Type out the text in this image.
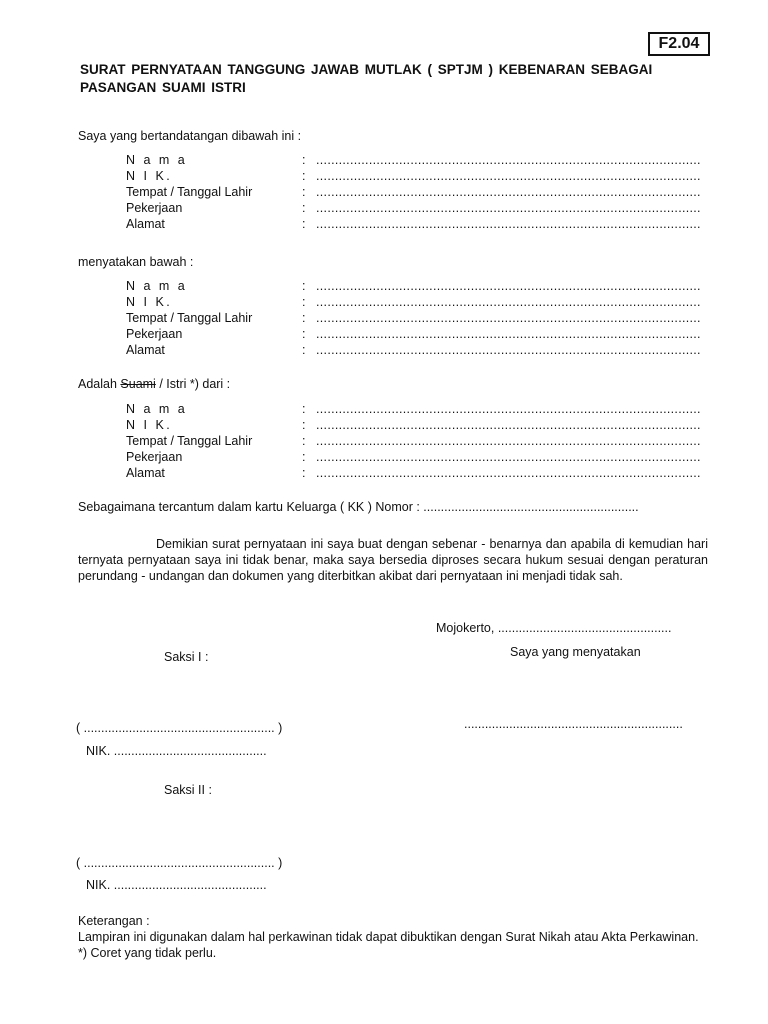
F2.04
SURAT PERNYATAAN TANGGUNG JAWAB MUTLAK ( SPTJM ) KEBENARAN SEBAGAI PASANGAN SUAMI ISTRI
Saya yang bertandatangan dibawah ini :
N a m a
N I K.
Tempat / Tanggal Lahir
Pekerjaan
Alamat
:
:
:
:
:
......................................................................................................
......................................................................................................
......................................................................................................
......................................................................................................
......................................................................................................
menyatakan bawah :
N a m a
N I K.
Tempat / Tanggal Lahir
Pekerjaan
Alamat
:
:
:
:
:
......................................................................................................
......................................................................................................
......................................................................................................
......................................................................................................
......................................................................................................
Adalah Suami / Istri *) dari :
N a m a
N I K.
Tempat / Tanggal Lahir
Pekerjaan
Alamat
:
:
:
:
:
......................................................................................................
......................................................................................................
......................................................................................................
......................................................................................................
......................................................................................................
Sebagaimana tercantum dalam kartu Keluarga ( KK ) Nomor : ..............................................................
Demikian surat pernyataan ini saya buat dengan sebenar - benarnya dan apabila di kemudian hari ternyata pernyataan saya ini tidak benar, maka saya bersedia diproses secara hukum sesuai dengan peraturan perundang - undangan dan dokumen yang diterbitkan akibat dari pernyataan ini menjadi tidak sah.
Mojokerto, ..................................................
Saksi I :	Saya yang menyatakan
( ....................................................... )	...............................................................
NIK. ............................................
Saksi II :
( ....................................................... )
NIK. ............................................
Keterangan :
Lampiran ini digunakan dalam hal perkawinan tidak dapat dibuktikan dengan Surat Nikah atau Akta Perkawinan.
*) Coret yang tidak perlu.
